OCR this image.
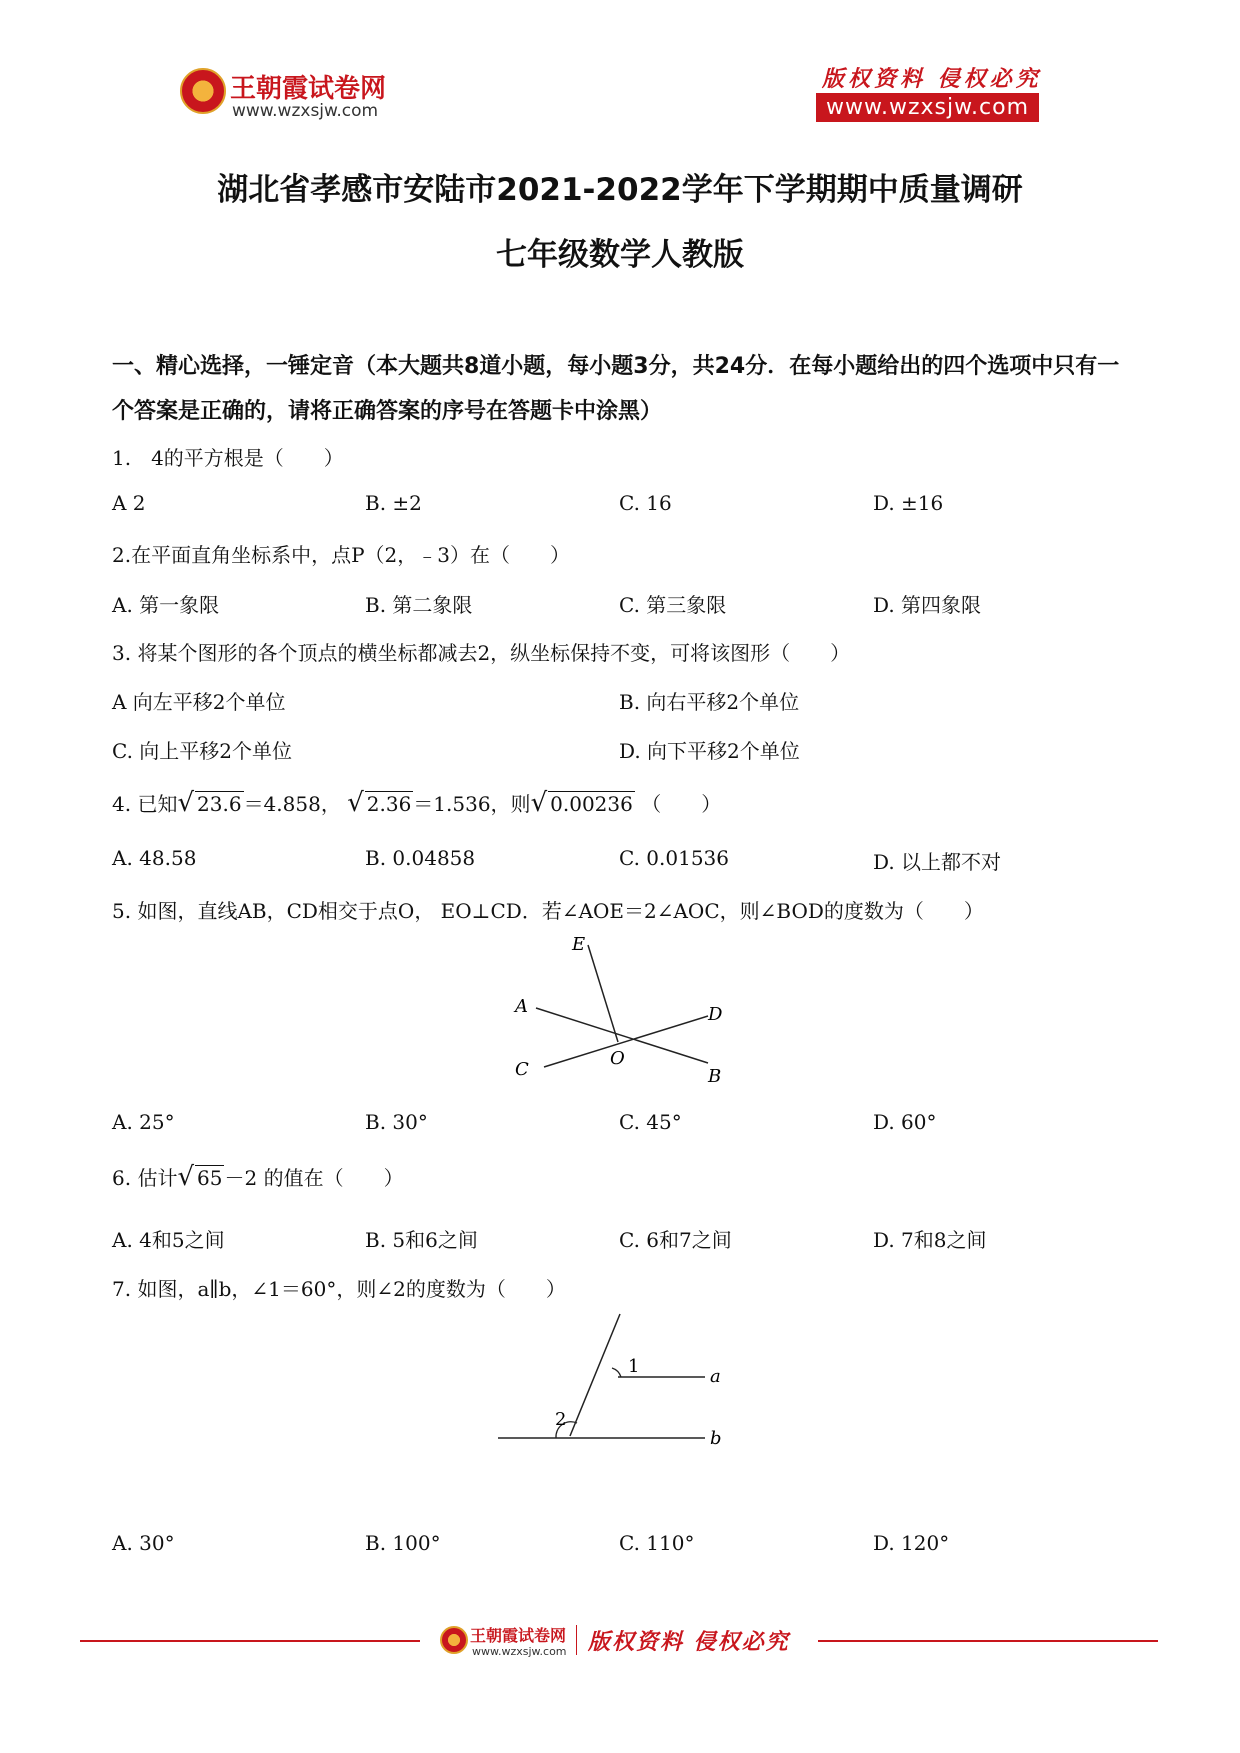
王朝霞试卷网
www.wzxsjw.com
版权资料 侵权必究
www.wzxsjw.com
湖北省孝感市安陆市2021-2022学年下学期期中质量调研
七年级数学人教版
一、精心选择，一锤定音（本大题共8道小题，每小题3分，共24分．在每小题给出的四个选项中只有一个答案是正确的，请将正确答案的序号在答题卡中涂黑）
1.　4的平方根是（　　）
A 2	B. ±2	C. 16	D. ±16
2.在平面直角坐标系中，点P（2，﹣3）在（　　）
A. 第一象限	B. 第二象限	C. 第三象限	D. 第四象限
3. 将某个图形的各个顶点的横坐标都减去2，纵坐标保持不变，可将该图形（　　）
A 向左平移2个单位	B. 向右平移2个单位
C. 向上平移2个单位	D. 向下平移2个单位
4. 已知√ 23.6 ＝4.858， √ 2.36 ＝1.536，则√ 0.00236 （　　）
A. 48.58	B. 0.04858	C. 0.01536	D. 以上都不对
5. 如图，直线AB，CD相交于点O， EO⊥CD．若∠AOE＝2∠AOC，则∠BOD的度数为（　　）
E
A	D
C
O
B
A. 25°	B. 30°	C. 45°	D. 60°
6. 估计√ 65 －2 的值在（　　）
A. 4和5之间	B. 5和6之间	C. 6和7之间	D. 7和8之间
7. 如图，a∥b，∠1＝60°，则∠2的度数为（　　）
1	a
2
b
A. 30°	B. 100°	C. 110°	D. 120°
王朝霞试卷网
www.wzxsjw.com 版权资料 侵权必究
